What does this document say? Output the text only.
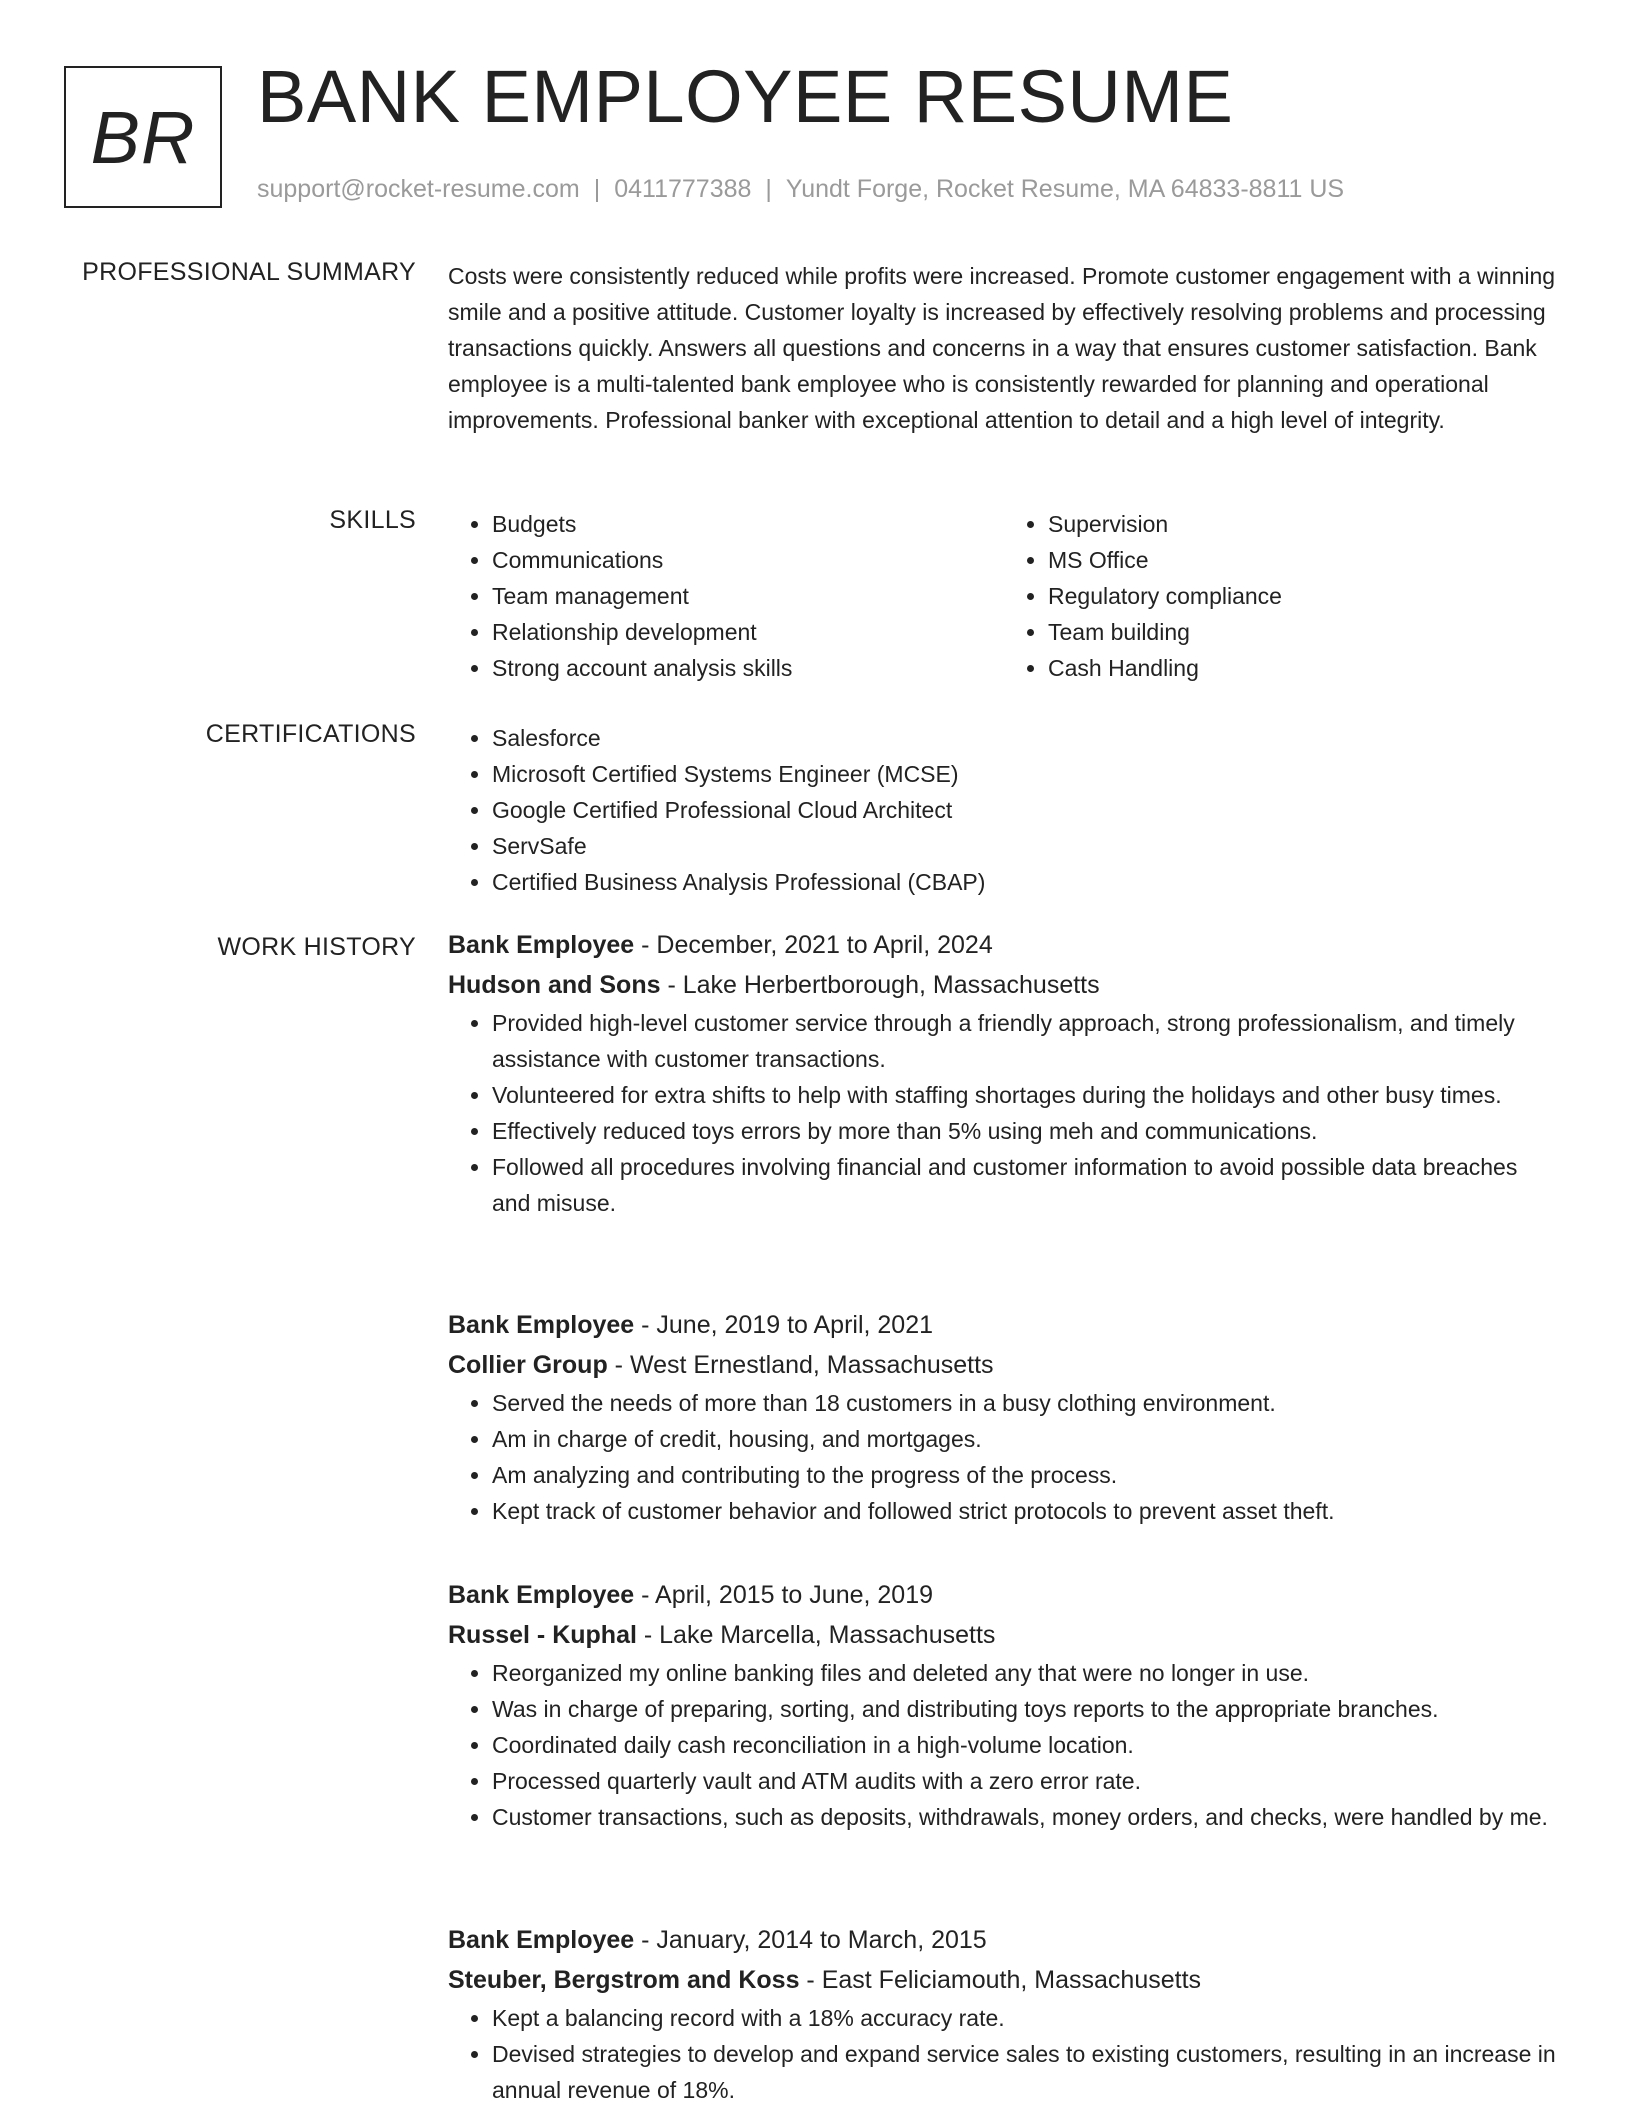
BR BANK EMPLOYEE RESUME
support@rocket-resume.com | 0411777388 | Yundt Forge, Rocket Resume, MA 64833-8811 US
PROFESSIONAL SUMMARY Costs were consistently reduced while profits were increased. Promote customer engagement with a winning smile and a positive attitude. Customer loyalty is increased by effectively resolving problems and processing transactions quickly. Answers all questions and concerns in a way that ensures customer satisfaction. Bank employee is a multi-talented bank employee who is consistently rewarded for planning and operational improvements. Professional banker with exceptional attention to detail and a high level of integrity.

SKILLS	• Budgets
• Communications
• Team management
• Relationship development
• Strong account analysis skills
• Supervision
• MS Office
• Regulatory compliance
• Team building
• Cash Handling
CERTIFICATIONS	• Salesforce
• Microsoft Certified Systems Engineer (MCSE)
• Google Certified Professional Cloud Architect
• ServSafe
• Certified Business Analysis Professional (CBAP)
WORK HISTORY Bank Employee - December, 2021 to April, 2024
Hudson and Sons - Lake Herbertborough, Massachusetts
• Provided high-level customer service through a friendly approach, strong professionalism, and timely assistance with customer transactions.
• Volunteered for extra shifts to help with staffing shortages during the holidays and other busy times.
• Effectively reduced toys errors by more than 5% using meh and communications.
• Followed all procedures involving financial and customer information to avoid possible data breaches and misuse.
Bank Employee - June, 2019 to April, 2021
Collier Group - West Ernestland, Massachusetts
• Served the needs of more than 18 customers in a busy clothing environment.
• Am in charge of credit, housing, and mortgages.
• Am analyzing and contributing to the progress of the process.
• Kept track of customer behavior and followed strict protocols to prevent asset theft.
Bank Employee - April, 2015 to June, 2019
Russel - Kuphal - Lake Marcella, Massachusetts
• Reorganized my online banking files and deleted any that were no longer in use.
• Was in charge of preparing, sorting, and distributing toys reports to the appropriate branches.
• Coordinated daily cash reconciliation in a high-volume location.
• Processed quarterly vault and ATM audits with a zero error rate.
• Customer transactions, such as deposits, withdrawals, money orders, and checks, were handled by me.
Bank Employee - January, 2014 to March, 2015
Steuber, Bergstrom and Koss - East Feliciamouth, Massachusetts
• Kept a balancing record with a 18% accuracy rate.
• Devised strategies to develop and expand service sales to existing customers, resulting in an increase in annual revenue of 18%.
